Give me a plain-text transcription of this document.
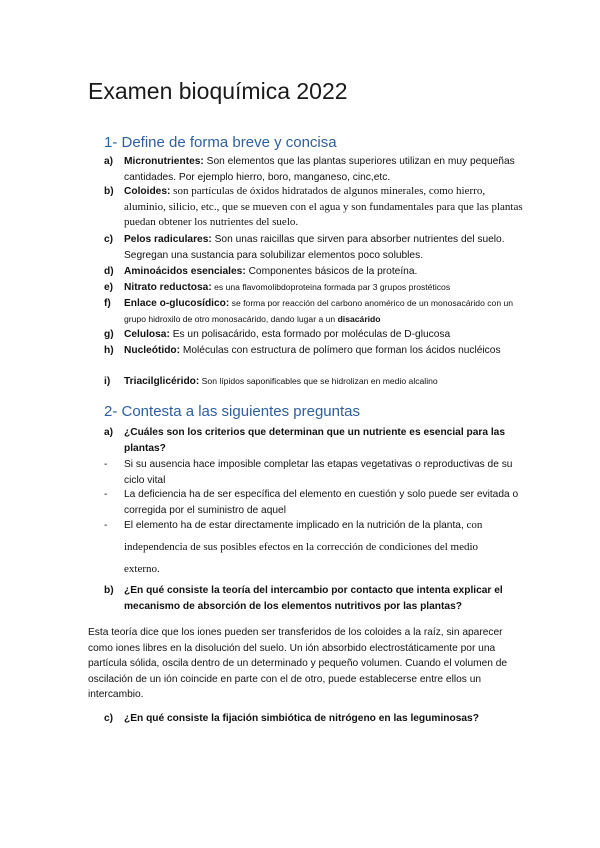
Examen bioquímica 2022
1- Define de forma breve y concisa
a) Micronutrientes: Son elementos que las plantas superiores utilizan en muy pequeñas cantidades. Por ejemplo hierro, boro, manganeso, cinc,etc.
b) Coloides: son partículas de óxidos hidratados de algunos minerales, como hierro, aluminio, silicio, etc., que se mueven con el agua y son fundamentales para que las plantas puedan obtener los nutrientes del suelo.
c) Pelos radiculares: Son unas raicillas que sirven para absorber nutrientes del suelo. Segregan una sustancia para solubilizar elementos poco solubles.
d) Aminoácidos esenciales: Componentes básicos de la proteína.
e) Nitrato reductosa: es una flavomolibdoproteina formada par 3 grupos prostéticos
f) Enlace o-glucosídico: se forma por reacción del carbono anomérico de un monosacárido con un grupo hidroxilo de otro monosacárido, dando lugar a un disacárido
g) Celulosa: Es un polisacárido, esta formado por moléculas de D-glucosa
h) Nucleótido: Moléculas con estructura de polímero que forman los ácidos nucléicos
i) Triacilglicérido: Son lípidos saponificables que se hidrolizan en medio alcalino
2- Contesta a las siguientes preguntas
a) ¿Cuáles son los criterios que determinan que un nutriente es esencial para las plantas?
- Si su ausencia hace imposible completar las etapas vegetativas o reproductivas de su ciclo vital
- La deficiencia ha de ser específica del elemento en cuestión y solo puede ser evitada o corregida por el suministro de aquel
- El elemento ha de estar directamente implicado en la nutrición de la planta, con
independencia de sus posibles efectos en la corrección de condiciones del medio
externo.
b) ¿En qué consiste la teoría del intercambio por contacto que intenta explicar el mecanismo de absorción de los elementos nutritivos por las plantas?
Esta teoría dice que los iones pueden ser transferidos de los coloides a la raíz, sin aparecer como iones libres en la disolución del suelo. Un ión absorbido electrostáticamente por una partícula sólida, oscila dentro de un determinado y pequeño volumen. Cuando el volumen de oscilación de un ión coincide en parte con el de otro, puede establecerse entre ellos un intercambio.
c) ¿En qué consiste la fijación simbiótica de nitrógeno en las leguminosas?
